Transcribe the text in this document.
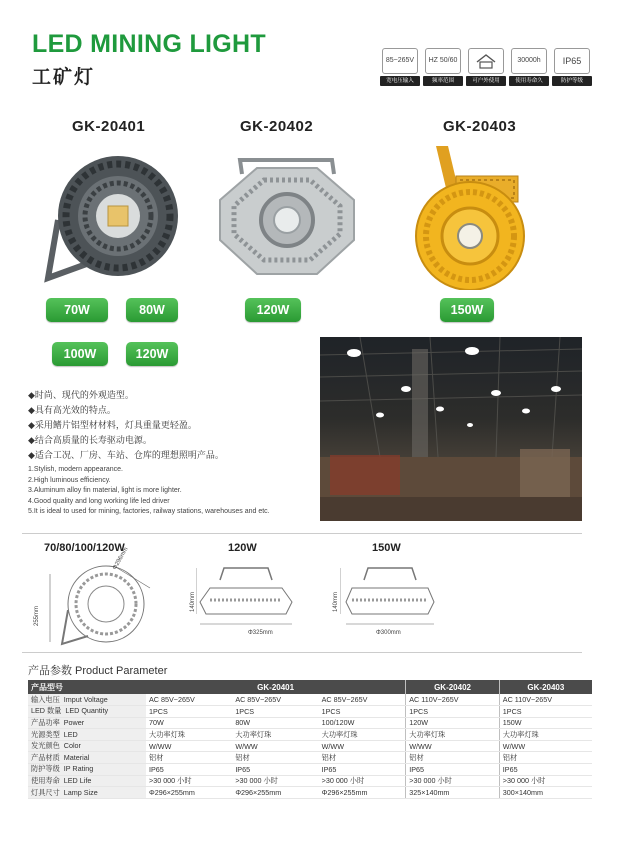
LED MINING LIGHT
工矿灯
85~265V
宽电压输入
HZ 50/60
频率范围	可户外使用
30000h
使用寿命久
IP65
防护等级
GK-20401	GK-20402	GK-20403
70W	80W
100W	120W
120W	150W
◆时尚、现代的外观造型。
◆具有高光效的特点。
◆采用鳍片铝型材材料，灯具重量更轻盈。
◆结合高质量的长寿驱动电源。
◆适合工况、厂房、车站、仓库的理想照明产品。
1.Stylish, modern appearance.
2.High luminous efficiency.
3.Aluminum alloy fin material, light is more lighter.
4.Good quality and long working life led driver
5.It is ideal to used for mining, factories, railway stations, warehouses and etc.
70/80/100/120W	120W	150W
Φ296mm
255mm
Φ325mm
140mm
Φ300mm
140mm
产品参数 Product Parameter
产品型号	GK-20401			GK-20402	GK-20403
输入电压 Imput Voltage	AC 85V~265V	AC 85V~265V	AC 85V~265V	AC 110V~265V	AC 110V~265V
LED 数量 LED Quantity	1PCS	1PCS	1PCS	1PCS	1PCS
产品功率 Power	70W	80W	100/120W	120W	150W
光源类型 LED	大功率灯珠	大功率灯珠	大功率灯珠	大功率灯珠	大功率灯珠
发光颜色 Color	W/WW	W/WW	W/WW	W/WW	W/WW
产品材质 Material	铝材	铝材	铝材	铝材	铝材
防护等级 IP Rating	IP65	IP65	IP65	IP65	IP65
使用寿命 LED Life	>30 000 小时	>30 000 小时	>30 000 小时	>30 000 小时	>30 000 小时
灯具尺寸 Lamp Size	Φ296×255mm	Φ296×255mm	Φ296×255mm	325×140mm	300×140mm
